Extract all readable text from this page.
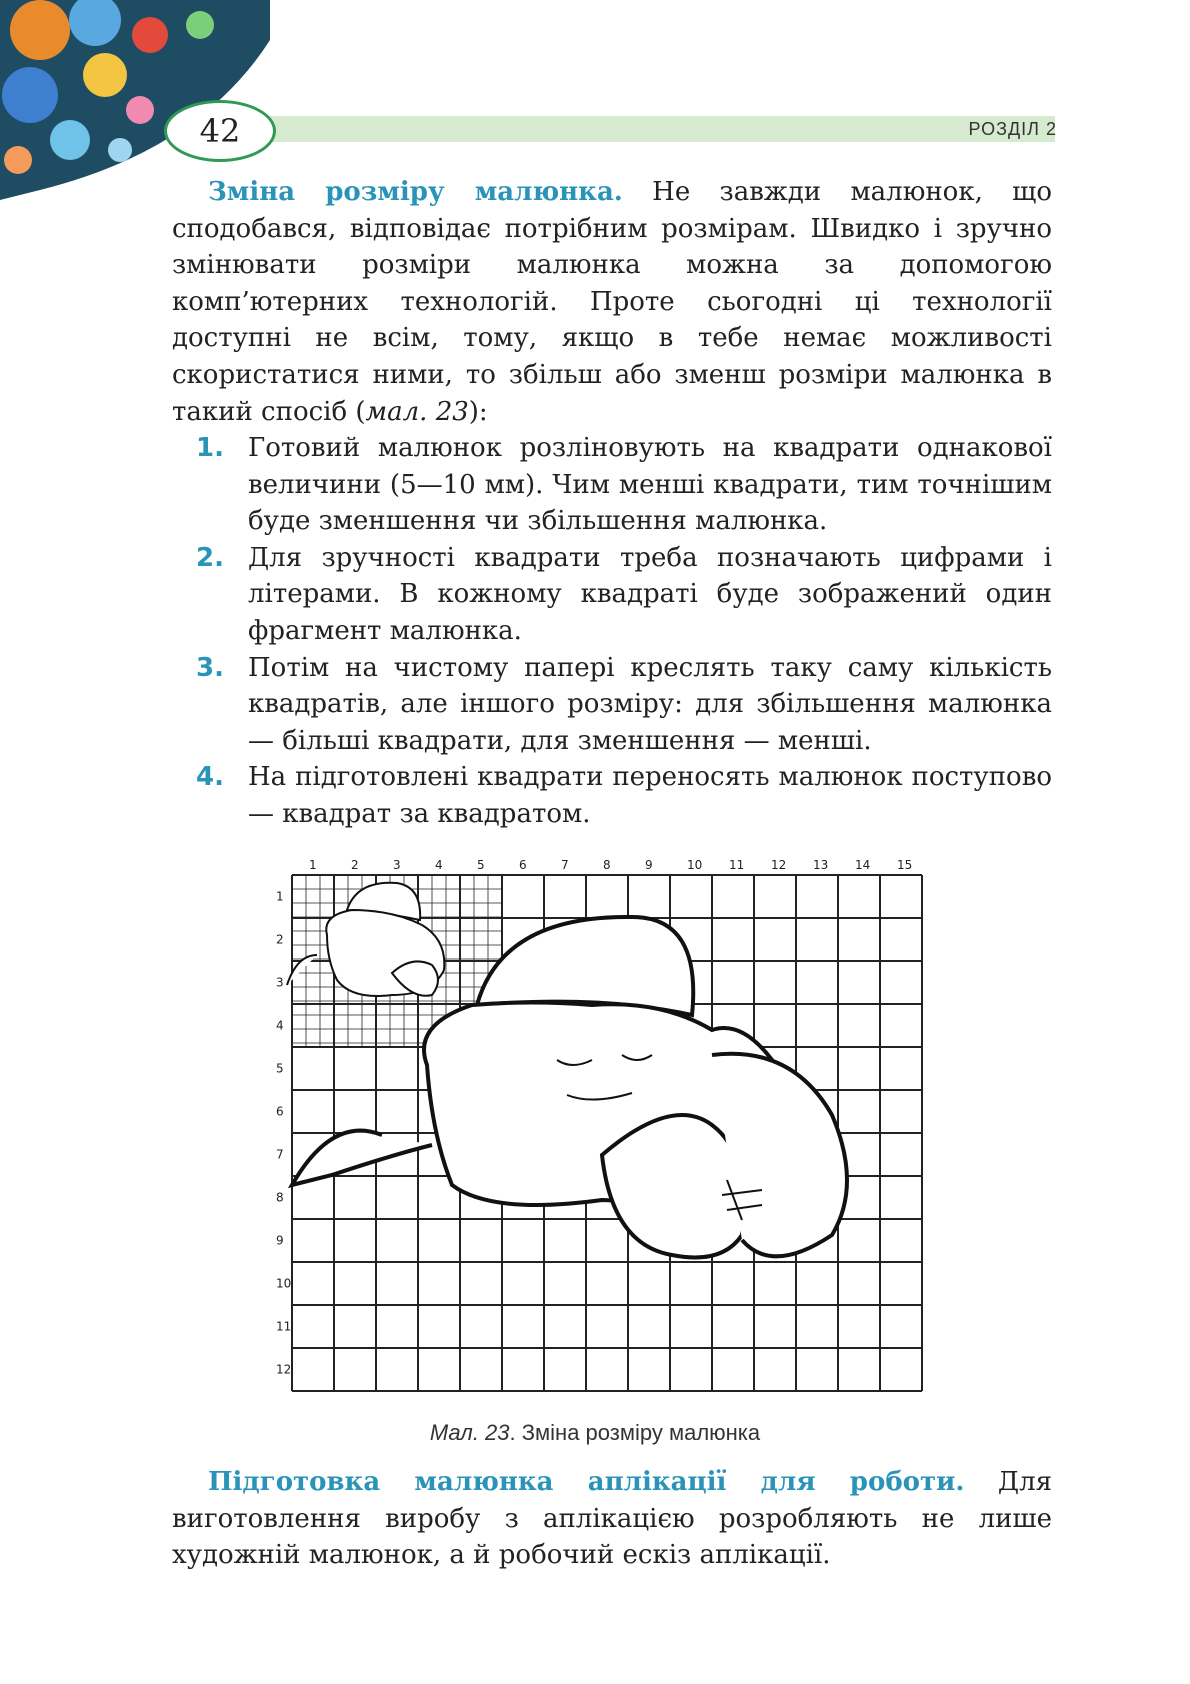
42	РОЗДІЛ 2

Зміна розміру малюнка. Не завжди малюнок, що сподобався, відповідає потрібним розмірам. Швидко і зручно змінювати розміри малюнка можна за допомогою комп’ютерних технологій. Проте сьогодні ці технології доступні не всім, тому, якщо в тебе немає можливості скористатися ними, то збільш або зменш розміри малюнка в такий спосіб (мал. 23):

1. Готовий малюнок розлiновують на квадрати однакової величини (5—10 мм). Чим менші квадрати, тим точнішим буде зменшення чи збільшення малюнка.
2. Для зручності квадрати треба позначають цифрами і літерами. В кожному квадраті буде зображений один фрагмент малюнка.
3. Потім на чистому папері креслять таку саму кількість квадратів, але іншого розміру: для збільшення малюнка — більші квадрати, для зменшення — менші.
4. На підготовлені квадрати переносять малюнок поступово — квадрат за квадратом.
1	2	3	4	5	6	7	8	9	10 11 12 13 14 15
1
2
3
4
5
6
7
8
9
10
11
12
Мал. 23. Зміна розміру малюнка

Підготовка малюнка аплікації для роботи. Для виготовлення виробу з аплікацією розробляють не лише художній малюнок, а й робочий ескіз аплікації.
